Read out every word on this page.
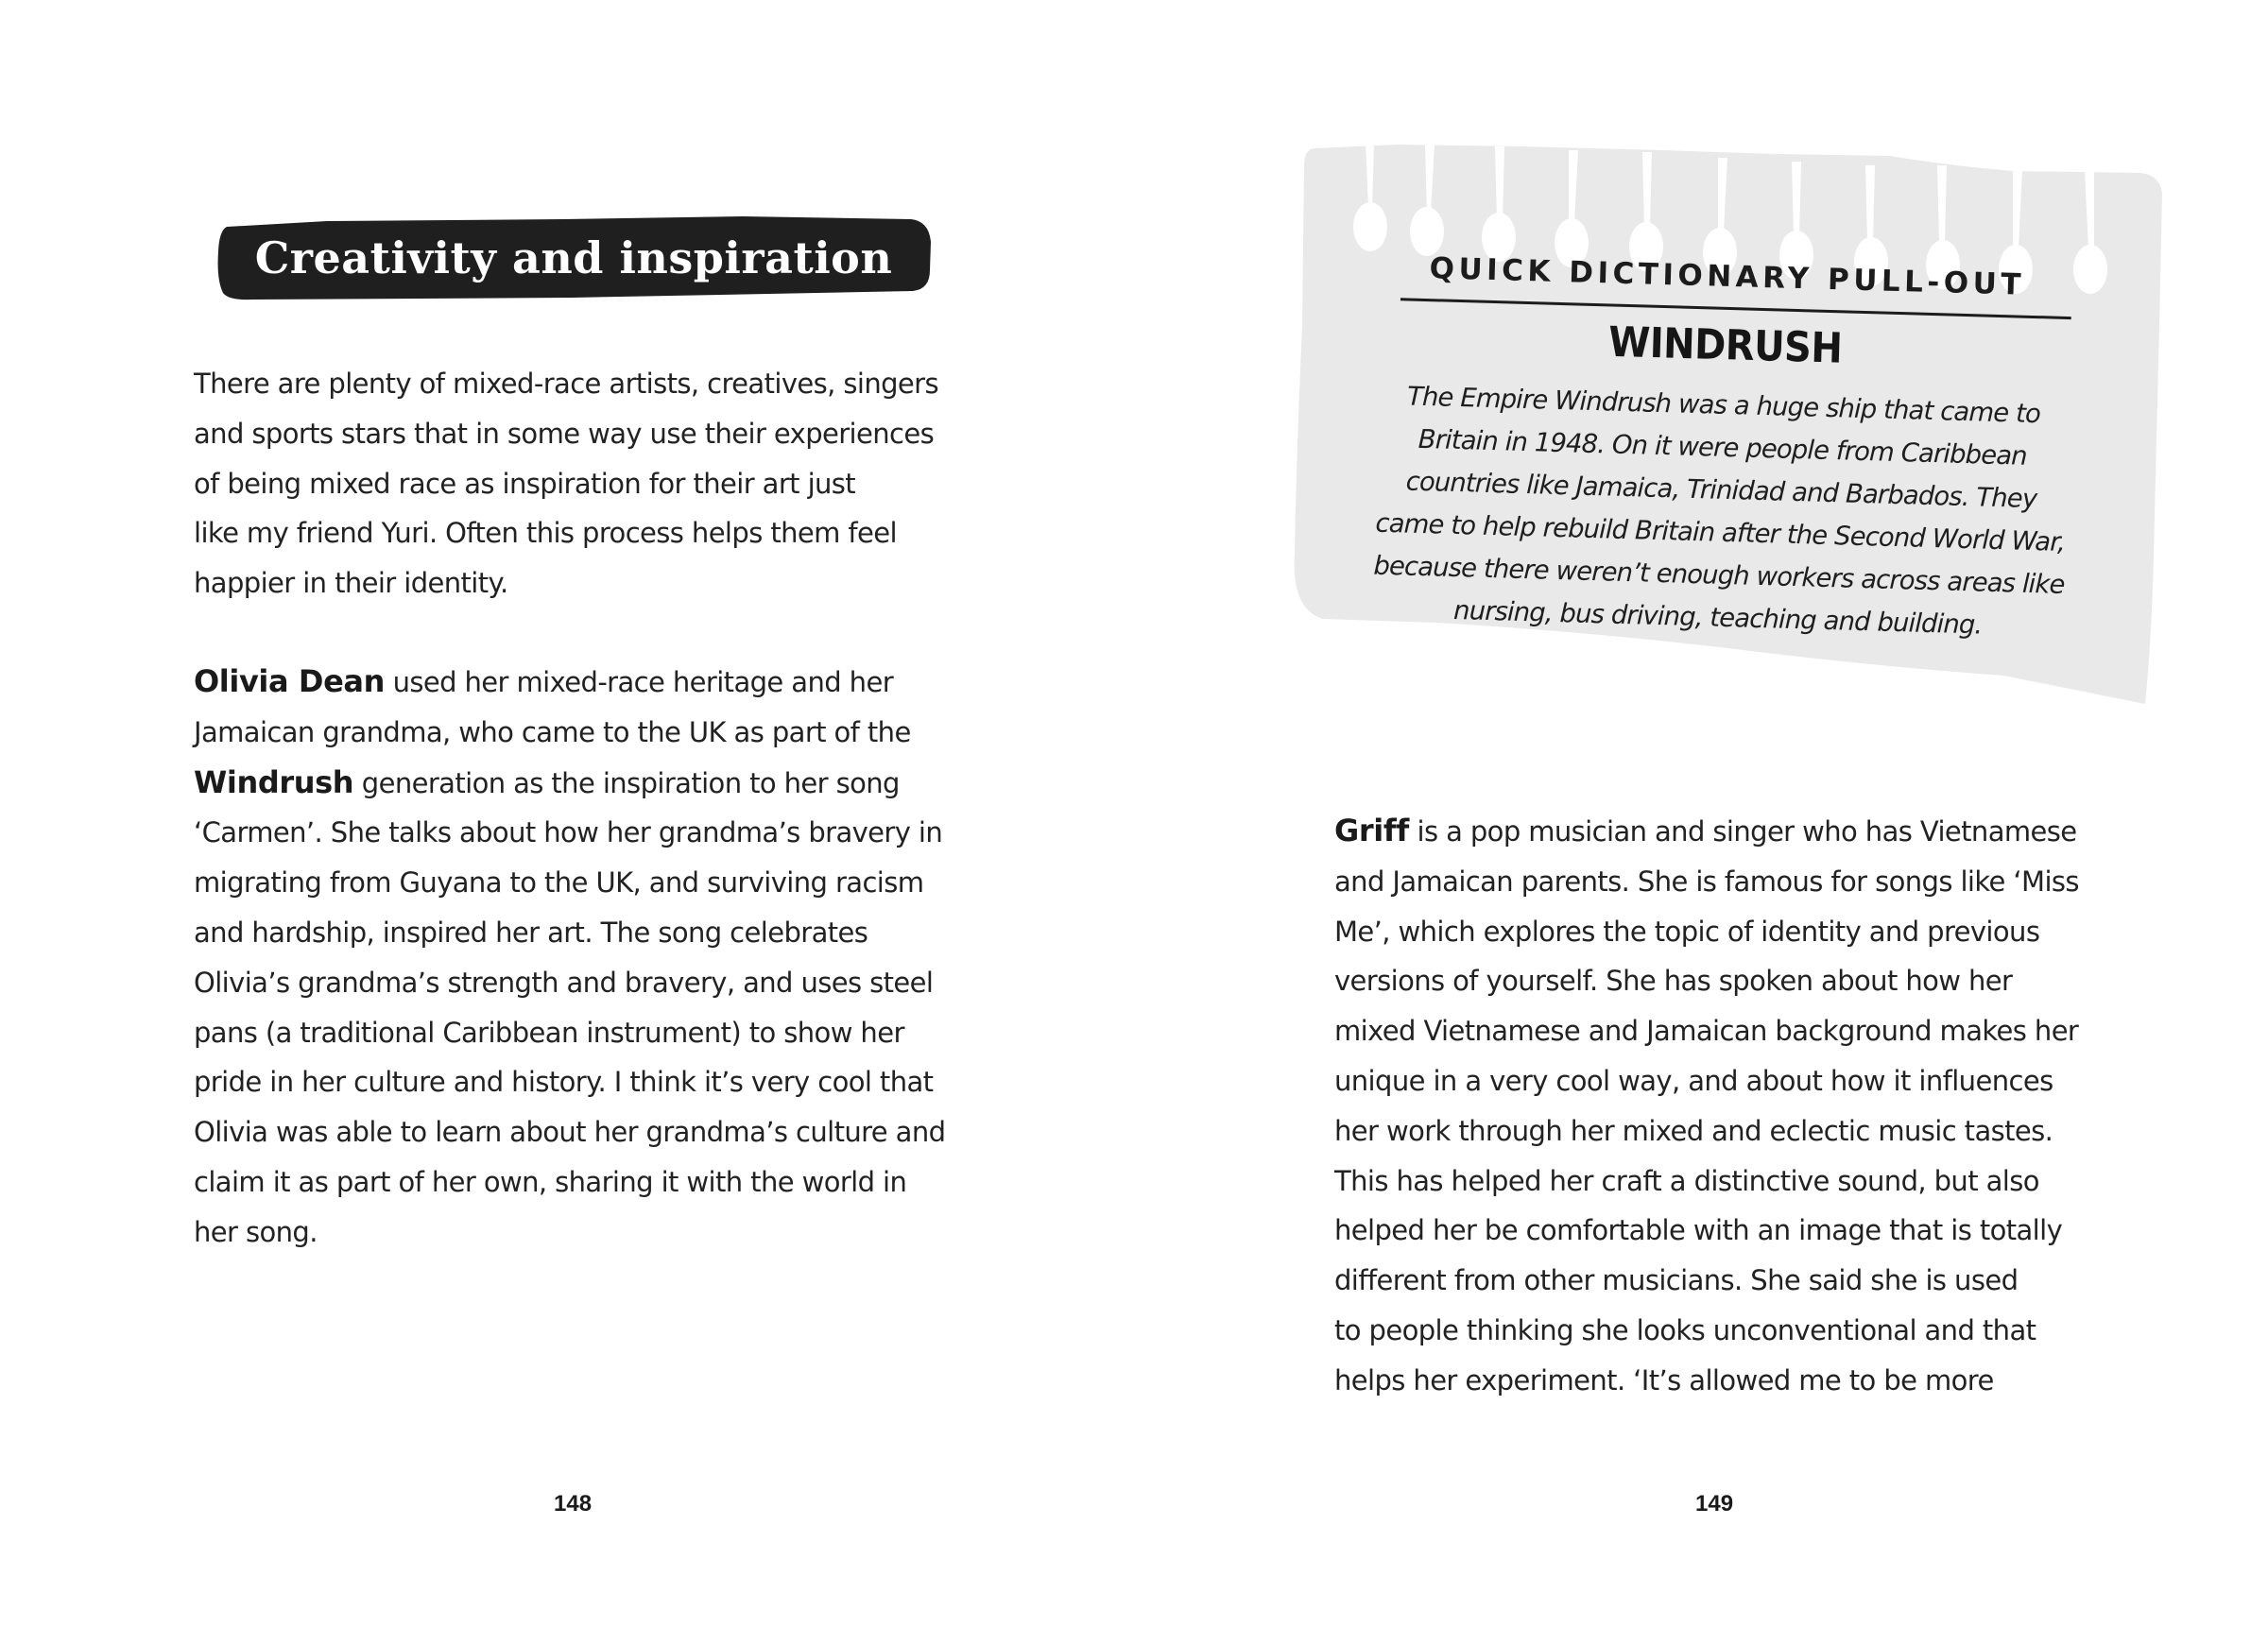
Creativity and inspiration
There are plenty of mixed-race artists, creatives, singers
and sports stars that in some way use their experiences
of being mixed race as inspiration for their art just
like my friend Yuri. Often this process helps them feel
happier in their identity.
Olivia Dean used her mixed-race heritage and her
Jamaican grandma, who came to the UK as part of the
Windrush generation as the inspiration to her song
‘Carmen’. She talks about how her grandma’s bravery in
migrating from Guyana to the UK, and surviving racism
and hardship, inspired her art. The song celebrates
Olivia’s grandma’s strength and bravery, and uses steel
pans (a traditional Caribbean instrument) to show her
pride in her culture and history. I think it’s very cool that
Olivia was able to learn about her grandma’s culture and
claim it as part of her own, sharing it with the world in
her song.
148
Griff is a pop musician and singer who has Vietnamese
and Jamaican parents. She is famous for songs like ‘Miss
Me’, which explores the topic of identity and previous
versions of yourself. She has spoken about how her
mixed Vietnamese and Jamaican background makes her
unique in a very cool way, and about how it influences
her work through her mixed and eclectic music tastes.
This has helped her craft a distinctive sound, but also
helped her be comfortable with an image that is totally
different from other musicians. She said she is used
to people thinking she looks unconventional and that
helps her experiment. ‘It’s allowed me to be more
149
QUICK DICTIONARY PULL-OUT
WINDRUSH
The Empire Windrush was a huge ship that came to
Britain in 1948. On it were people from Caribbean
countries like Jamaica, Trinidad and Barbados. They
came to help rebuild Britain after the Second World War,
because there weren’t enough workers across areas like
nursing, bus driving, teaching and building.
